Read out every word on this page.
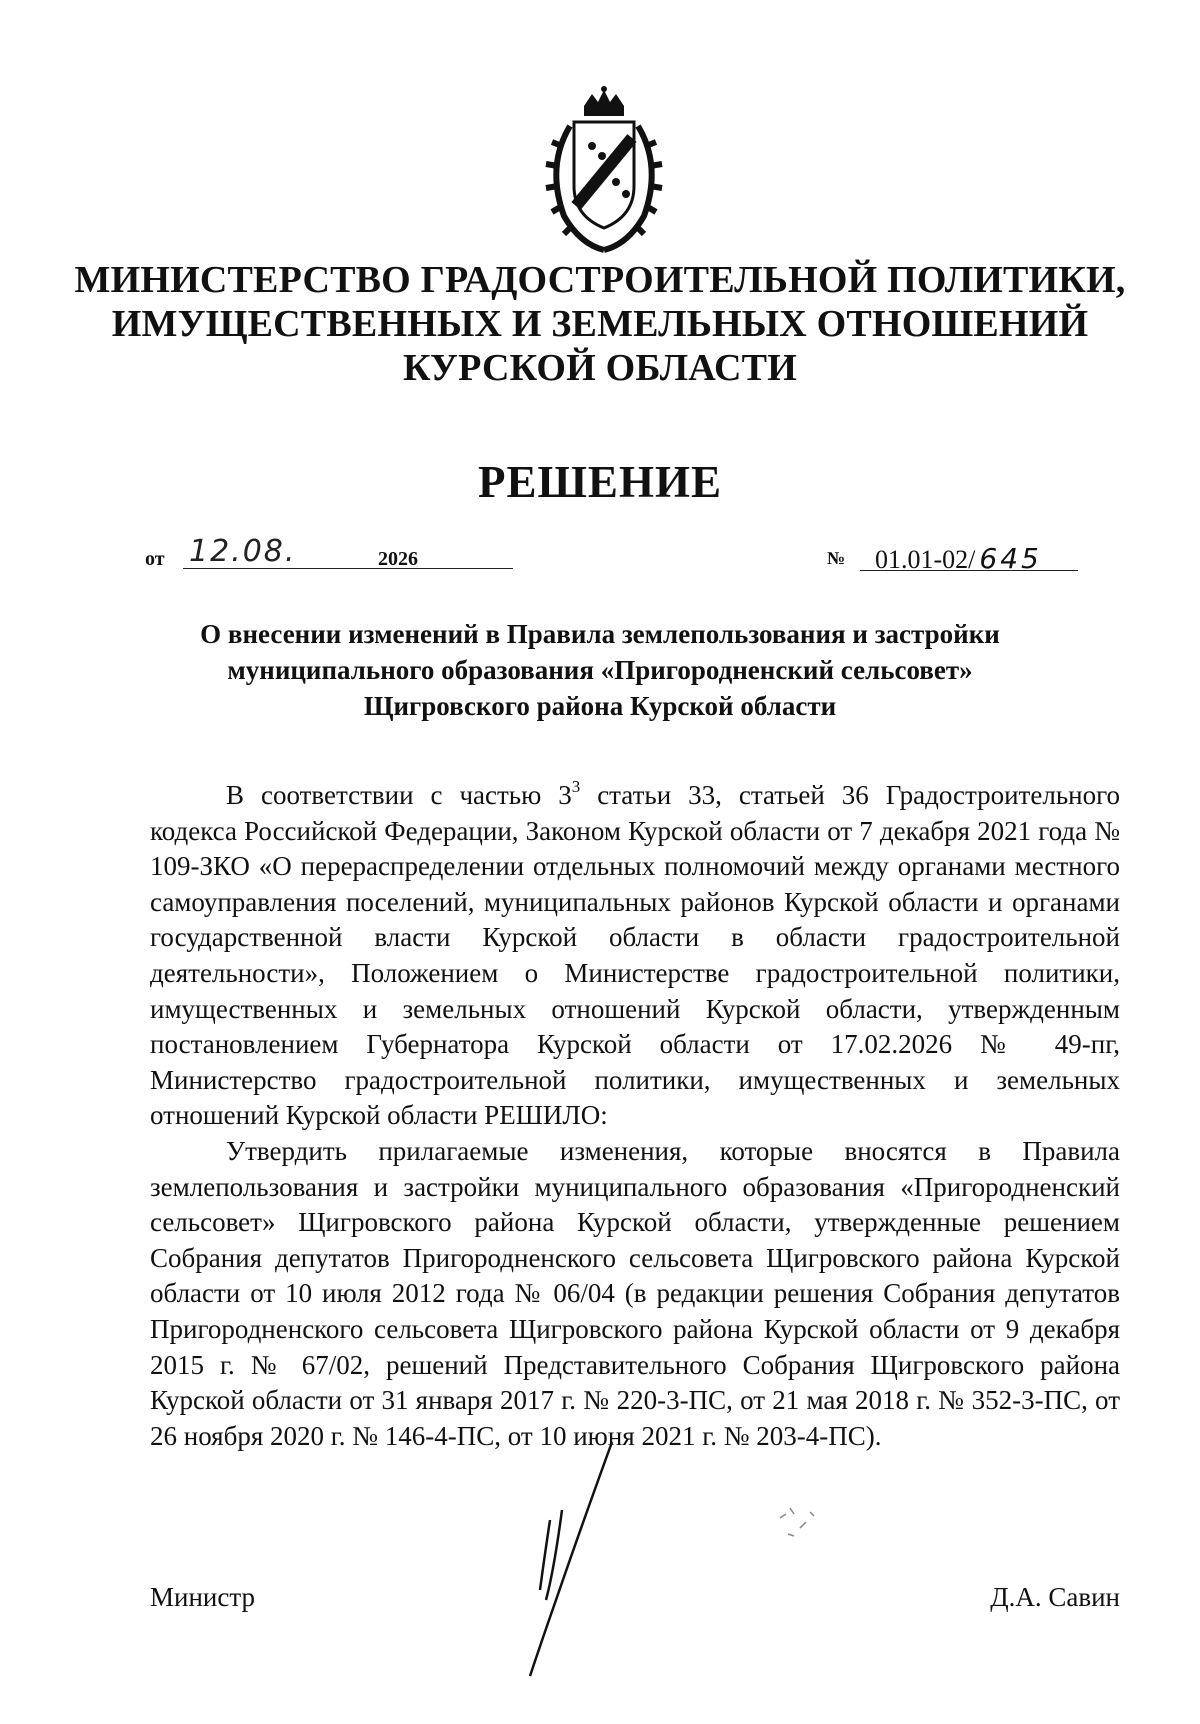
МИНИСТЕРСТВО ГРАДОСТРОИТЕЛЬНОЙ ПОЛИТИКИ,
ИМУЩЕСТВЕННЫХ И ЗЕМЕЛЬНЫХ ОТНОШЕНИЙ
КУРСКОЙ ОБЛАСТИ
РЕШЕНИЕ
от 12.08.	2026	№ 01.01-02/ 645
О внесении изменений в Правила землепользования и застройки
муниципального образования «Пригородненский сельсовет»
Щигровского района Курской области

В соответствии с частью $3^3$ статьи 33, статьей 36 Градостроительного кодекса Российской Федерации, Законом Курской области от 7 декабря 2021 года № 109-ЗКО «О перераспределении отдельных полномочий между органами местного самоуправления поселений, муниципальных районов Курской области и органами государственной власти Курской области в области градостроительной деятельности», Положением о Министерстве градостроительной политики, имущественных и земельных отношений Курской области, утвержденным постановлением Губернатора Курской области от 17.02.2026 № 49-пг, Министерство градостроительной политики, имущественных и земельных отношений Курской области РЕШИЛО:

Утвердить прилагаемые изменения, которые вносятся в Правила землепользования и застройки муниципального образования «Пригородненский сельсовет» Щигровского района Курской области, утвержденные решением Собрания депутатов Пригородненского сельсовета Щигровского района Курской области от 10 июля 2012 года № 06/04 (в редакции решения Собрания депутатов Пригородненского сельсовета Щигровского района Курской области от 9 декабря 2015 г. № 67/02, решений Представительного Собрания Щигровского района Курской области от 31 января 2017 г. № 220-3-ПС, от 21 мая 2018 г. № 352-3-ПС, от 26 ноября 2020 г. № 146-4-ПС, от 10 июня 2021 г. № 203-4-ПС).

Министр	Д.А. Савин
